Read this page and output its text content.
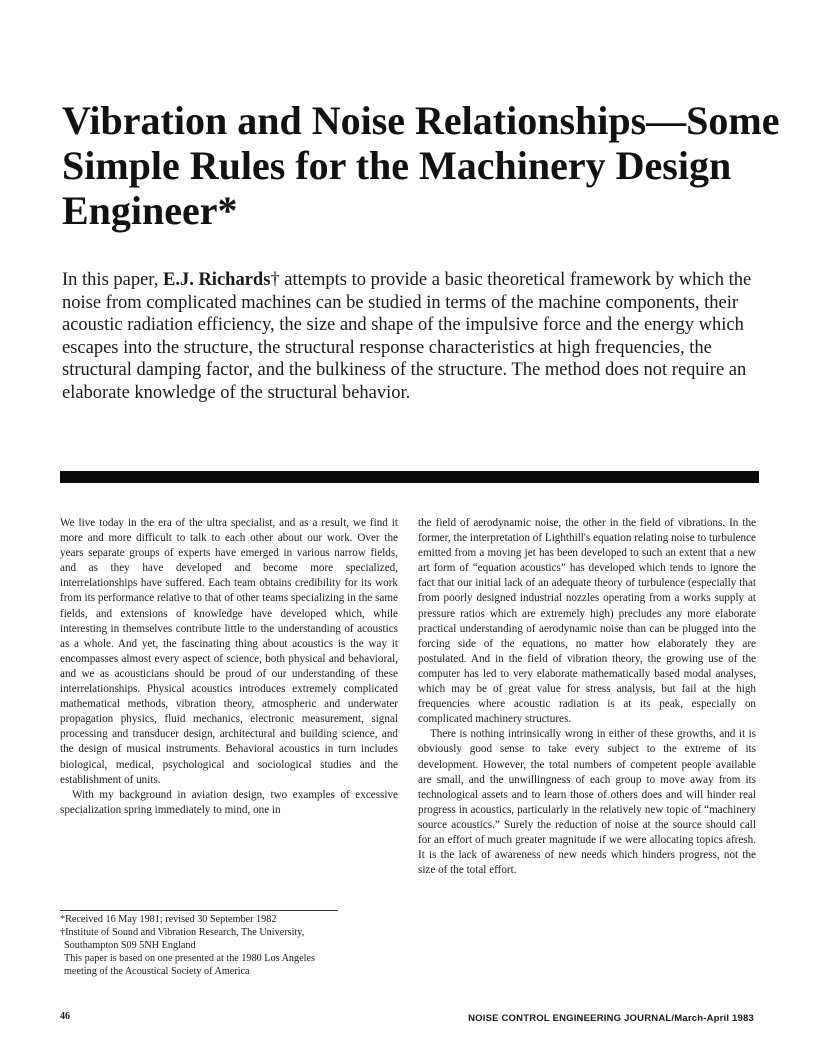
Vibration and Noise Relationships—Some Simple Rules for the Machinery Design Engineer*

In this paper, E.J. Richards† attempts to provide a basic theoretical framework by which the noise from complicated machines can be studied in terms of the machine components, their acoustic radiation efficiency, the size and shape of the impulsive force and the energy which escapes into the structure, the structural response characteristics at high frequencies, the structural damping factor, and the bulkiness of the structure. The method does not require an elaborate knowledge of the structural behavior.

We live today in the era of the ultra specialist, and as a result, we find it more and more difficult to talk to each other about our work. Over the years separate groups of experts have emerged in various narrow fields, and as they have developed and become more specialized, interrelationships have suffered. Each team obtains credibility for its work from its performance relative to that of other teams specializing in the same fields, and extensions of knowledge have developed which, while interesting in themselves contribute little to the understanding of acoustics as a whole. And yet, the fascinating thing about acoustics is the way it encompasses almost every aspect of science, both physical and behavioral, and we as acousticians should be proud of our understanding of these interrelationships. Physical acoustics introduces extremely complicated mathematical methods, vibration theory, atmospheric and underwater propagation physics, fluid mechanics, electronic measurement, signal processing and transducer design, architectural and building science, and the design of musical instruments. Behavioral acoustics in turn includes biological, medical, psychological and sociological studies and the establishment of units.

With my background in aviation design, two examples of excessive specialization spring immediately to mind, one in

the field of aerodynamic noise, the other in the field of vibrations. In the former, the interpretation of Lighthill's equation relating noise to turbulence emitted from a moving jet has been developed to such an extent that a new art form of “equation acoustics” has developed which tends to ignore the fact that our initial lack of an adequate theory of turbulence (especially that from poorly designed industrial nozzles operating from a works supply at pressure ratios which are extremely high) precludes any more elaborate practical understanding of aerodynamic noise than can be plugged into the forcing side of the equations, no matter how elaborately they are postulated. And in the field of vibration theory, the growing use of the computer has led to very elaborate mathematically based modal analyses, which may be of great value for stress analysis, but fail at the high frequencies where acoustic radiation is at its peak, especially on complicated machinery structures.

There is nothing intrinsically wrong in either of these growths, and it is obviously good sense to take every subject to the extreme of its development. However, the total numbers of competent people available are small, and the unwillingness of each group to move away from its technological assets and to learn those of others does and will hinder real progress in acoustics, particularly in the relatively new topic of “machinery source acoustics.” Surely the reduction of noise at the source should call for an effort of much greater magnitude if we were allocating topics afresh. It is the lack of awareness of new needs which hinders progress, not the size of the total effort.

*Received 16 May 1981; revised 30 September 1982

†Institute of Sound and Vibration Research, The University,

Southampton S09 5NH England

This paper is based on one presented at the 1980 Los Angeles

meeting of the Acoustical Society of America

46	NOISE CONTROL ENGINEERING JOURNAL/March-April 1983
